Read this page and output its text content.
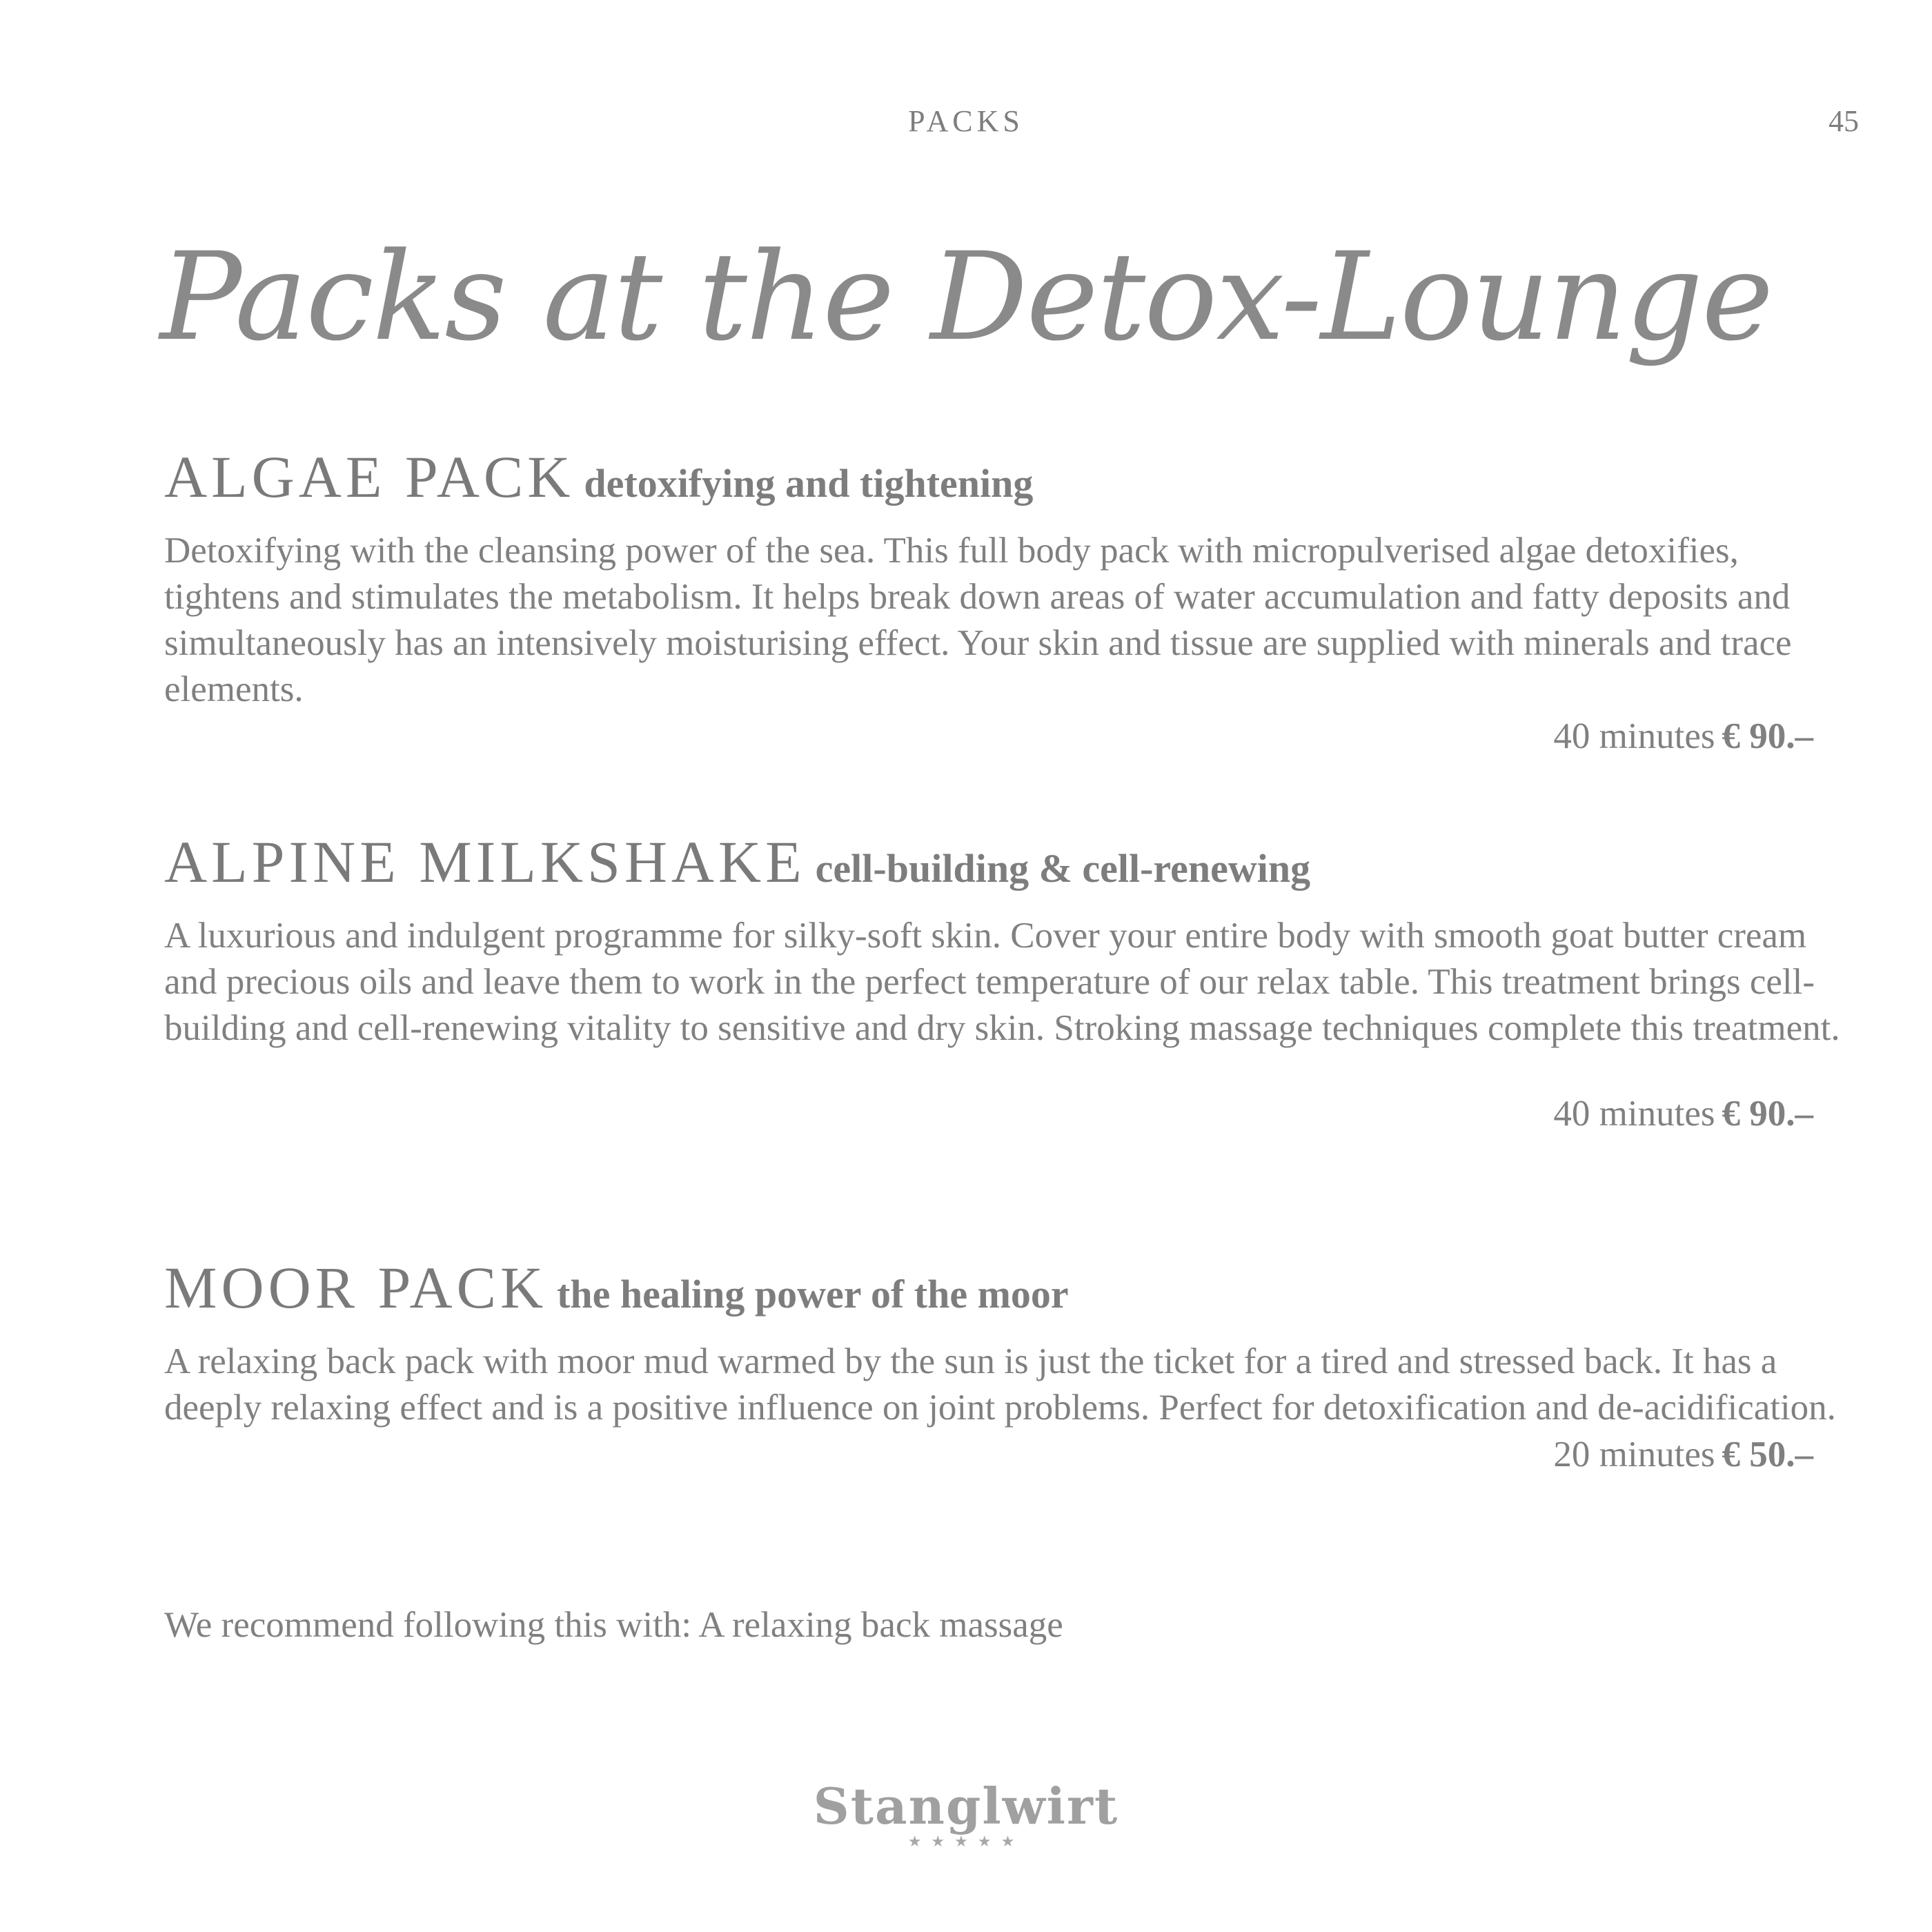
PACKS	45
Packs at the Detox-Lounge
ALGAE PACK detoxifying and tightening

Detoxifying with the cleansing power of the sea. This full body pack with micropulverised algae detoxifies, tightens and stimulates the metabolism. It helps break down areas of water accumulation and fatty deposits and simultaneously has an intensively moisturising effect. Your skin and tissue are supplied with minerals and trace elements.

40 minutes € 90.–
ALPINE MILKSHAKE cell-building & cell-renewing

A luxurious and indulgent programme for silky-soft skin. Cover your entire body with smooth goat butter cream and precious oils and leave them to work in the perfect temperature of our relax table. This treatment brings cell-building and cell-renewing vitality to sensitive and dry skin. Stroking massage techniques complete this treatment.

40 minutes € 90.–
MOOR PACK the healing power of the moor

A relaxing back pack with moor mud warmed by the sun is just the ticket for a tired and stressed back. It has a deeply relaxing effect and is a positive influence on joint problems. Perfect for detoxification and de-acidification.

20 minutes € 50.–
We recommend following this with: A relaxing back massage
Stanglwirt
★★★★★
